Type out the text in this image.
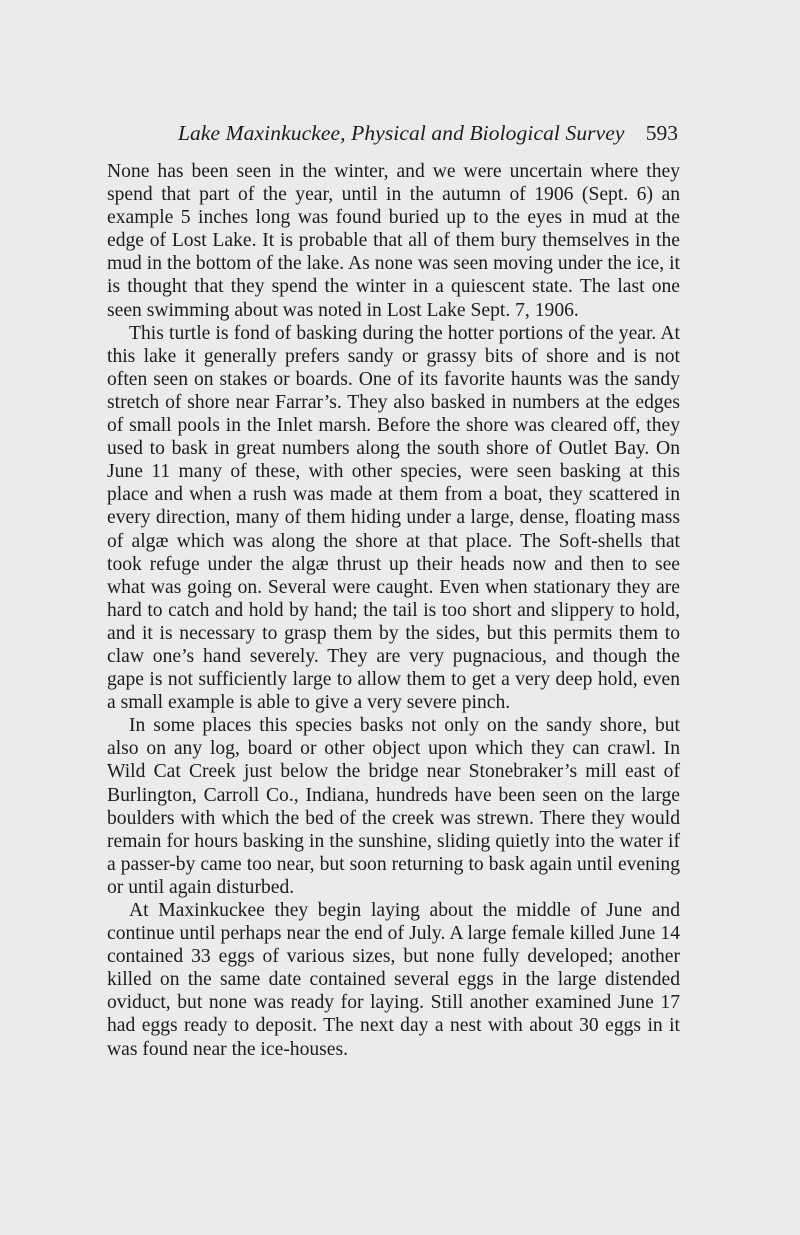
Lake Maxinkuckee, Physical and Biological Survey 593

None has been seen in the winter, and we were uncertain where they spend that part of the year, until in the autumn of 1906 (Sept. 6) an example 5 inches long was found buried up to the eyes in mud at the edge of Lost Lake. It is probable that all of them bury themselves in the mud in the bottom of the lake. As none was seen moving under the ice, it is thought that they spend the winter in a quiescent state. The last one seen swimming about was noted in Lost Lake Sept. 7, 1906.

This turtle is fond of basking during the hotter portions of the year. At this lake it generally prefers sandy or grassy bits of shore and is not often seen on stakes or boards. One of its favorite haunts was the sandy stretch of shore near Farrar’s. They also basked in numbers at the edges of small pools in the Inlet marsh. Before the shore was cleared off, they used to bask in great numbers along the south shore of Outlet Bay. On June 11 many of these, with other species, were seen basking at this place and when a rush was made at them from a boat, they scattered in every direction, many of them hiding under a large, dense, floating mass of algæ which was along the shore at that place. The Soft-shells that took refuge under the algæ thrust up their heads now and then to see what was going on. Several were caught. Even when stationary they are hard to catch and hold by hand; the tail is too short and slippery to hold, and it is necessary to grasp them by the sides, but this permits them to claw one’s hand severely. They are very pugnacious, and though the gape is not sufficiently large to allow them to get a very deep hold, even a small example is able to give a very severe pinch.

In some places this species basks not only on the sandy shore, but also on any log, board or other object upon which they can crawl. In Wild Cat Creek just below the bridge near Stonebraker’s mill east of Burlington, Carroll Co., Indiana, hundreds have been seen on the large boulders with which the bed of the creek was strewn. There they would remain for hours basking in the sunshine, sliding quietly into the water if a passer-by came too near, but soon returning to bask again until evening or until again disturbed.

At Maxinkuckee they begin laying about the middle of June and continue until perhaps near the end of July. A large female killed June 14 contained 33 eggs of various sizes, but none fully developed; another killed on the same date contained several eggs in the large distended oviduct, but none was ready for laying. Still another examined June 17 had eggs ready to deposit. The next day a nest with about 30 eggs in it was found near the ice-houses.
